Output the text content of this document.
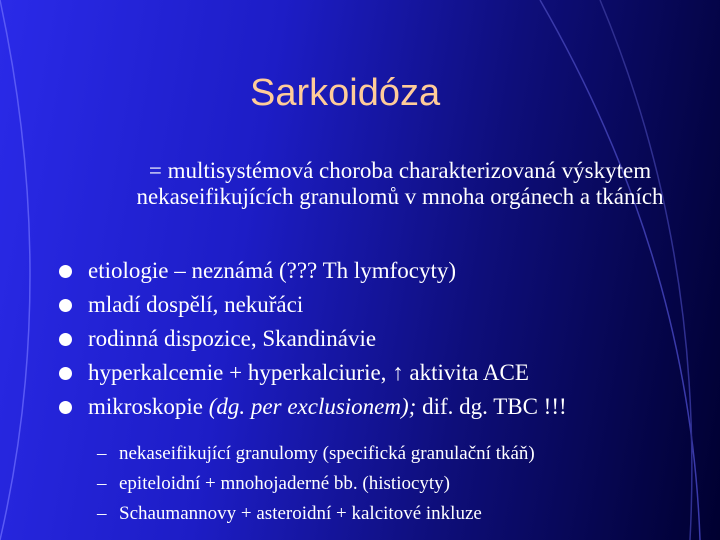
Sarkoidóza
= multisystémová choroba charakterizovaná výskytem nekaseifikujících granulomů v mnoha orgánech a tkáních
etiologie – neznámá (??? Th lymfocyty)
mladí dospělí, nekuřáci
rodinná dispozice, Skandinávie
hyperkalcemie + hyperkalciurie, ↑ aktivita ACE
mikroskopie (dg. per exclusionem); dif. dg. TBC !!!
– nekaseifikující granulomy (specifická granulační tkáň)
– epiteloidní + mnohojaderné bb. (histiocyty)
– Schaumannovy + asteroidní + kalcitové inkluze
